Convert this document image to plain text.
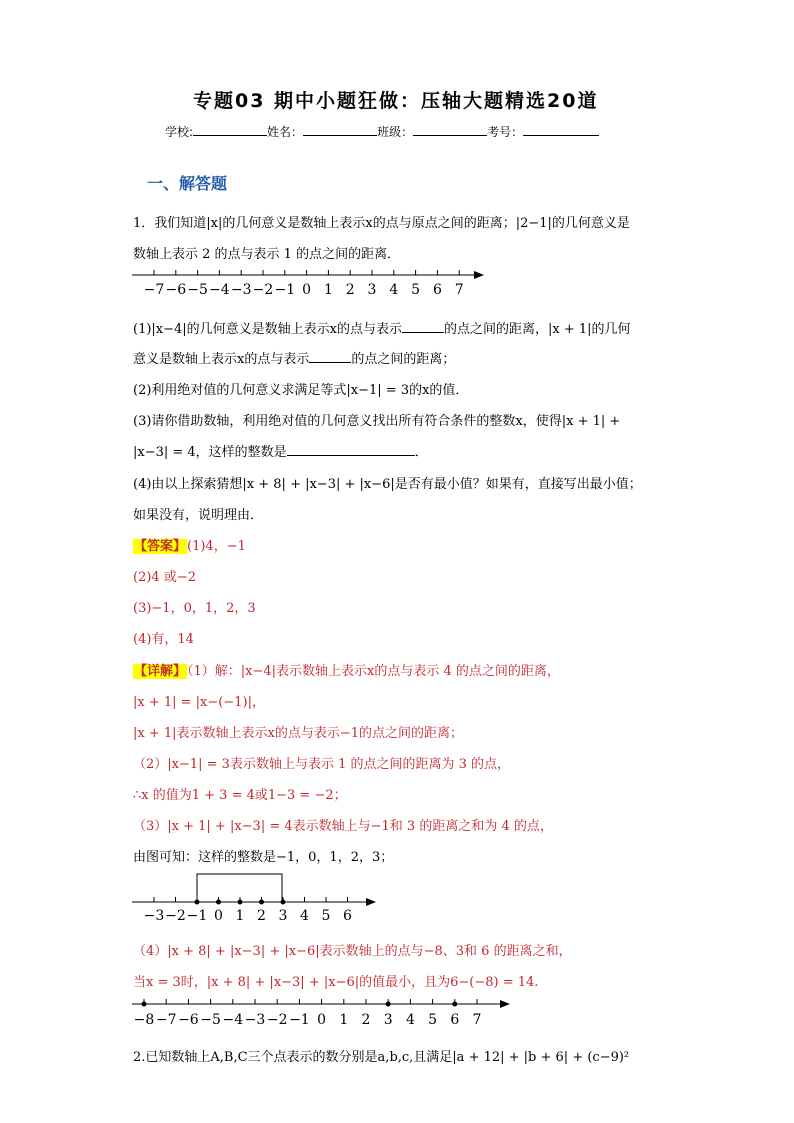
专题03 期中小题狂做：压轴大题精选20道
学校:	姓名：	班级：	考号：
一、解答题
1．我们知道|x|的几何意义是数轴上表示x的点与原点之间的距离；|2−1|的几何意义是
数轴上表示 2 的点与表示 1 的点之间的距离．
−7 −6 −5 −4 −3 −2 −1 0 1 2 3 4 5 6 7
(1)|x−4|的几何意义是数轴上表示x的点与表示	的点之间的距离，|x + 1|的几何
意义是数轴上表示x的点与表示	的点之间的距离；
(2)利用绝对值的几何意义求满足等式|x−1| = 3的x的值．
(3)请你借助数轴，利用绝对值的几何意义找出所有符合条件的整数x，使得|x + 1| +
|x−3| = 4，这样的整数是	．
(4)由以上探索猜想|x + 8| + |x−3| + |x−6|是否有最小值？如果有，直接写出最小值；
如果没有，说明理由．
【答案】(1)4，−1
(2)4 或−2
(3)−1，0，1，2，3
(4)有，14
【详解】（1）解：|x−4|表示数轴上表示x的点与表示 4 的点之间的距离，
|x + 1| = |x−(−1)|，
|x + 1|表示数轴上表示x的点与表示−1的点之间的距离；
（2）|x−1| = 3表示数轴上与表示 1 的点之间的距离为 3 的点，
∴x 的值为1 + 3 = 4或1−3 = −2；
（3）|x + 1| + |x−3| = 4表示数轴上与−1和 3 的距离之和为 4 的点，
由图可知：这样的整数是−1，0，1，2，3；
−3 −2 −1 0 1 2 3 4 5 6
（4）|x + 8| + |x−3| + |x−6|表示数轴上的点与−8、3和 6 的距离之和，
当x = 3时，|x + 8| + |x−3| + |x−6|的值最小，且为6−(−8) = 14.
−8 −7 −6 −5 −4 −3 −2 −1 0 1 2 3 4 5 6 7
2.已知数轴上A,B,C三个点表示的数分别是a,b,c,且满足|a + 12| + |b + 6| + (c−9)²
